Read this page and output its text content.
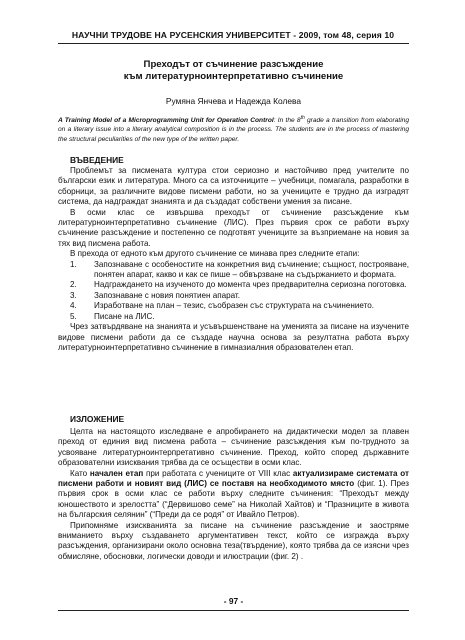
НАУЧНИ ТРУДОВЕ НА РУСЕНСКИЯ УНИВЕРСИТЕТ - 2009, том 48, серия 10
Преходът от съчинение разсъждение
към литературноинтерпретативно съчинение
Румяна Янчева и Надежда Колева
A Training Model of a Microprogramming Unit for Operation Control: In the 8th grade a transition from elaborating on a literary issue into a literary analytical composition is in the process. The students are in the process of mastering the structural peculiarities of the new type of the written paper.
ВЪВЕДЕНИЕ

Проблемът за писмената култура стои сериозно и настойчиво пред учителите по български език и литература. Много са са източниците – учебници, помагала, разработки в сборници, за различните видове писмени работи, но за учениците е трудно да изградят система, да надграждат знанията и да създадат собствени умения за писане.

В осми клас се извършва преходът от съчинение разсъждение към литературноинтерпретативно съчинение (ЛИС). През първия срок се работи върху съчинение разсъждение и постепенно се подготвят учениците за възприемане на новия за тях вид писмена работа.

В прехода от едното към другото съчинение се минава през следните етапи:

1.	Запознаване с особеностите на конкретния вид съчинение; същност, построяване, понятен апарат, какво и как се пише – обвързване на съдържанието и формата.
2.	Надграждането на изученото до момента чрез предварителна сериозна поготовка.
3.	Запознаване с новия понятиен апарат.
4.	Изработване на план – тезис, съобразен със структурата на съчинението.
5.	Писане на ЛИС.

Чрез затвърдяване на знанията и усъвършенстване на уменията за писане на изучените видове писмени работи да се създаде научна основа за резултатна работа върху литературноинтерпретативно съчинение в гимназиалния образователен етап.

ИЗЛОЖЕНИЕ

Целта на настоящото изследване е апробирането на дидактически модел за плавен преход от единия вид писмена работа – съчинение разсъждения към по-трудното за усвояване литературноинтерпретативно съчинение. Преход, който според държавните образователни изисквания трябва да се осъществи в осми клас.

Като начален етап при работата с учениците от VIII клас актуализираме системата от писмени работи и новият вид (ЛИС) се поставя на необходимото място (фиг. 1). През първия срок в осми клас се работи върху следните съчинения: “Преходът между юношеството и зрелостта” (“Дервишово семе” на Николай Хайтов) и “Празниците в живота на българския селянин” (“Преди да се родя” от Ивайло Петров).

Припомняме изискванията за писане на съчинение разсъждение и заостряме вниманието върху създаването аргументативен текст, който се изгражда върху разсъждения, организирани около основна теза(твърдение), която трябва да се изясни чрез обмисляне, обосновки, логически доводи и илюстрации (фиг. 2) .

- 97 -
